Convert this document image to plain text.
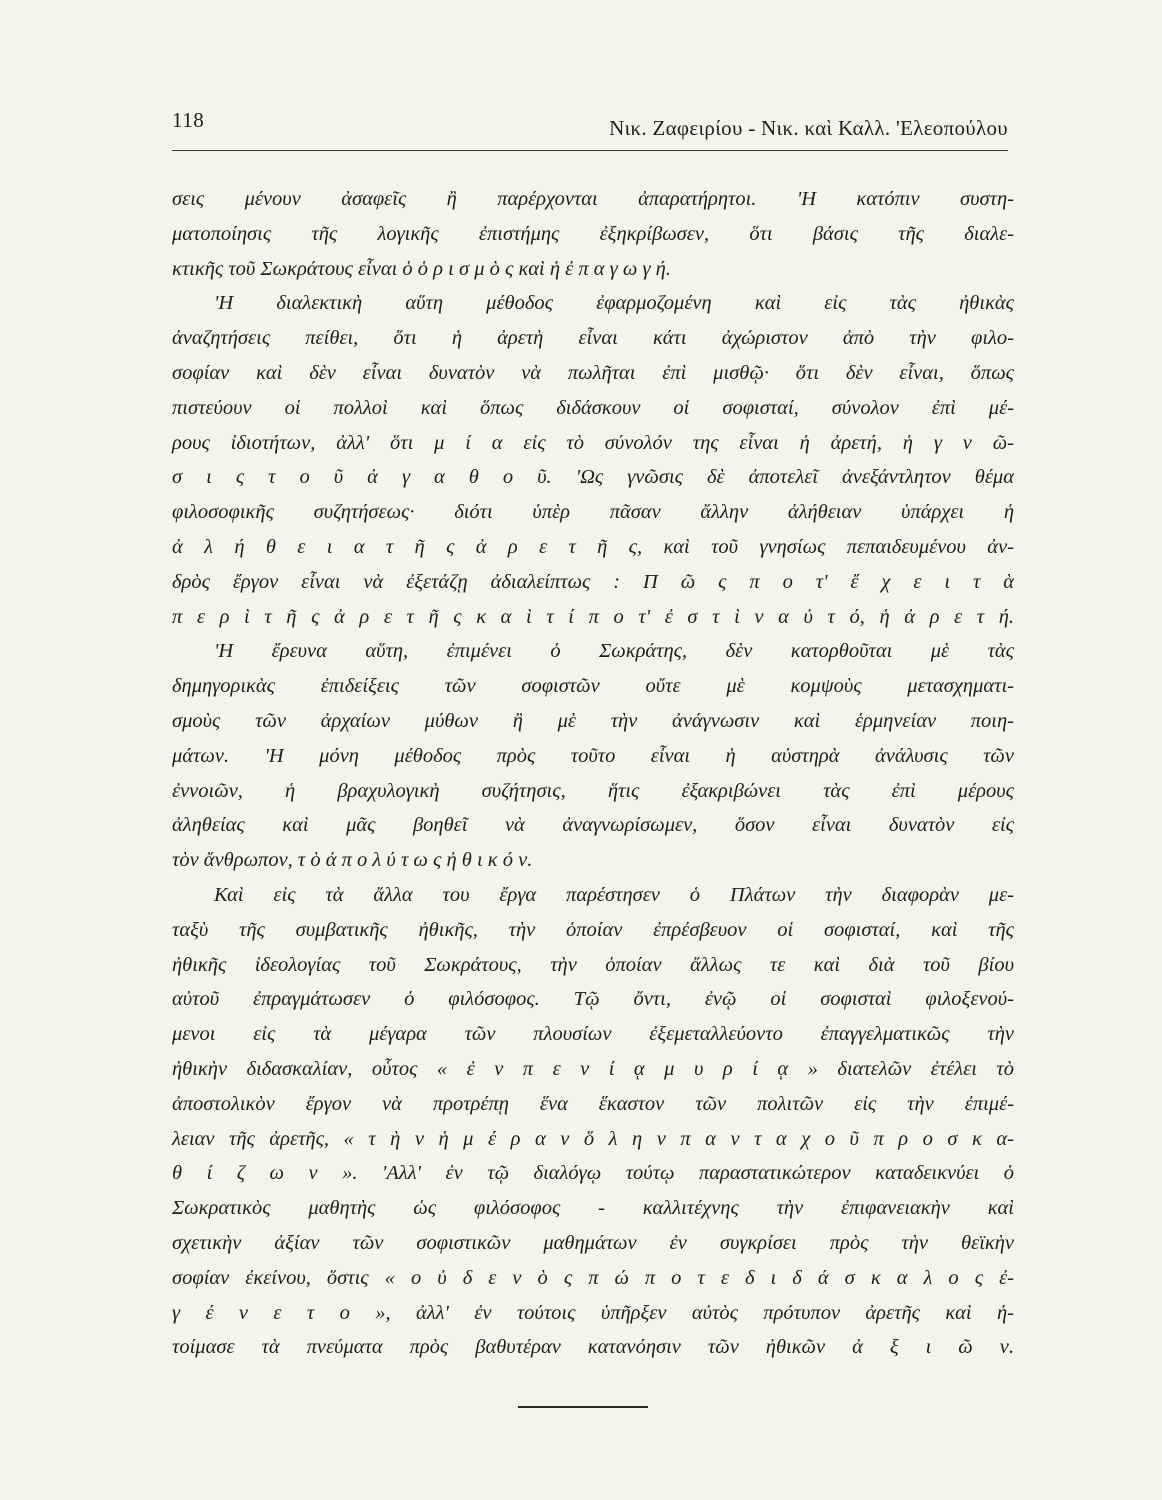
118	Νικ. Ζαφειρίου - Νικ. καὶ Καλλ. 'Ελεοπούλου
σεις μένουν ἀσαφεῖς ἢ παρέρχονται ἀπαρατήρητοι. 'Η κατόπιν συστη-
ματοποίησις τῆς λογικῆς ἐπιστήμης ἐξηκρίβωσεν, ὅτι βάσις τῆς διαλε-
κτικῆς τοῦ Σωκράτους εἶναι ὁ ὁ ρ ι σ μ ὸ ς καὶ ἡ ἐ π α γ ω γ ή.
'Η διαλεκτικὴ αὕτη μέθοδος ἐφαρμοζομένη καὶ εἰς τὰς ἠθικὰς
ἀναζητήσεις πείθει, ὅτι ἡ ἀρετὴ εἶναι κάτι ἀχώριστον ἀπὸ τὴν φιλο-
σοφίαν καὶ δὲν εἶναι δυνατὸν νὰ πωλῆται ἐπὶ μισθῷ· ὅτι δὲν εἶναι, ὅπως
πιστεύουν οἱ πολλοὶ καὶ ὅπως διδάσκουν οἱ σοφισταί, σύνολον ἐπὶ μέ-
ρους ἰδιοτήτων, ἀλλ' ὅτι μ ί α εἰς τὸ σύνολόν της εἶναι ἡ ἀρετή, ἡ γ ν ῶ-
σ ι ς τ ο ῦ ἀ γ α θ ο ῦ. 'Ως γνῶσις δὲ ἀποτελεῖ ἀνεξάντλητον θέμα
φιλοσοφικῆς συζητήσεως· διότι ὑπὲρ πᾶσαν ἄλλην ἀλήθειαν ὑπάρχει ἡ
ἀ λ ή θ ε ι α τ ῆ ς ἀ ρ ε τ ῆ ς, καὶ τοῦ γνησίως πεπαιδευμένου ἀν-
δρὸς ἔργον εἶναι νὰ ἐξετάζῃ ἀδιαλείπτως : Π ῶ ς π ο τ' ἔ χ ε ι τ ὰ
π ε ρ ὶ τ ῆ ς ἀ ρ ε τ ῆ ς κ α ὶ τ ί π ο τ' ἐ σ τ ὶ ν α ὐ τ ό, ἡ ἀ ρ ε τ ή.
'Η ἔρευνα αὕτη, ἐπιμένει ὁ Σωκράτης, δὲν κατορθοῦται μὲ τὰς
δημηγορικὰς ἐπιδείξεις τῶν σοφιστῶν οὔτε μὲ κομψοὺς μετασχηματι-
σμοὺς τῶν ἀρχαίων μύθων ἢ μὲ τὴν ἀνάγνωσιν καὶ ἑρμηνείαν ποιη-
μάτων. 'Η μόνη μέθοδος πρὸς τοῦτο εἶναι ἡ αὐστηρὰ ἀνάλυσις τῶν
ἐννοιῶν, ἡ βραχυλογικὴ συζήτησις, ἥτις ἐξακριβώνει τὰς ἐπὶ μέρους
ἀληθείας καὶ μᾶς βοηθεῖ νὰ ἀναγνωρίσωμεν, ὅσον εἶναι δυνατὸν εἰς
τὸν ἄνθρωπον, τ ὸ ἀ π ο λ ύ τ ω ς ἠ θ ι κ ό ν.
Καὶ εἰς τὰ ἄλλα του ἔργα παρέστησεν ὁ Πλάτων τὴν διαφορὰν με-
ταξὺ τῆς συμβατικῆς ἠθικῆς, τὴν ὁποίαν ἐπρέσβευον οἱ σοφισταί, καὶ τῆς
ἠθικῆς ἰδεολογίας τοῦ Σωκράτους, τὴν ὁποίαν ἄλλως τε καὶ διὰ τοῦ βίου
αὐτοῦ ἐπραγμάτωσεν ὁ φιλόσοφος. Τῷ ὄντι, ἐνῷ οἱ σοφισταὶ φιλοξενού-
μενοι εἰς τὰ μέγαρα τῶν πλουσίων ἐξεμεταλλεύοντο ἐπαγγελματικῶς τὴν
ἠθικὴν διδασκαλίαν, οὗτος « ἐ ν π ε ν ί ᾳ μ υ ρ ί ᾳ » διατελῶν ἐτέλει τὸ
ἀποστολικὸν ἔργον νὰ προτρέπῃ ἕνα ἕκαστον τῶν πολιτῶν εἰς τὴν ἐπιμέ-
λειαν τῆς ἀρετῆς, « τ ὴ ν ἡ μ έ ρ α ν ὅ λ η ν π α ν τ α χ ο ῦ π ρ ο σ κ α-
θ ί ζ ω ν ». 'Αλλ' ἐν τῷ διαλόγῳ τούτῳ παραστατικώτερον καταδεικνύει ὁ
Σωκρατικὸς μαθητὴς ὡς φιλόσοφος - καλλιτέχνης τὴν ἐπιφανειακὴν καὶ
σχετικὴν ἀξίαν τῶν σοφιστικῶν μαθημάτων ἐν συγκρίσει πρὸς τὴν θεϊκὴν
σοφίαν ἐκείνου, ὅστις « ο ὐ δ ε ν ὸ ς π ώ π ο τ ε δ ι δ ά σ κ α λ ο ς ἐ-
γ έ ν ε τ ο », ἀλλ' ἐν τούτοις ὑπῆρξεν αὐτὸς πρότυπον ἀρετῆς καὶ ἡ-
τοίμασε τὰ πνεύματα πρὸς βαθυτέραν κατανόησιν τῶν ἠθικῶν ἀ ξ ι ῶ ν.
